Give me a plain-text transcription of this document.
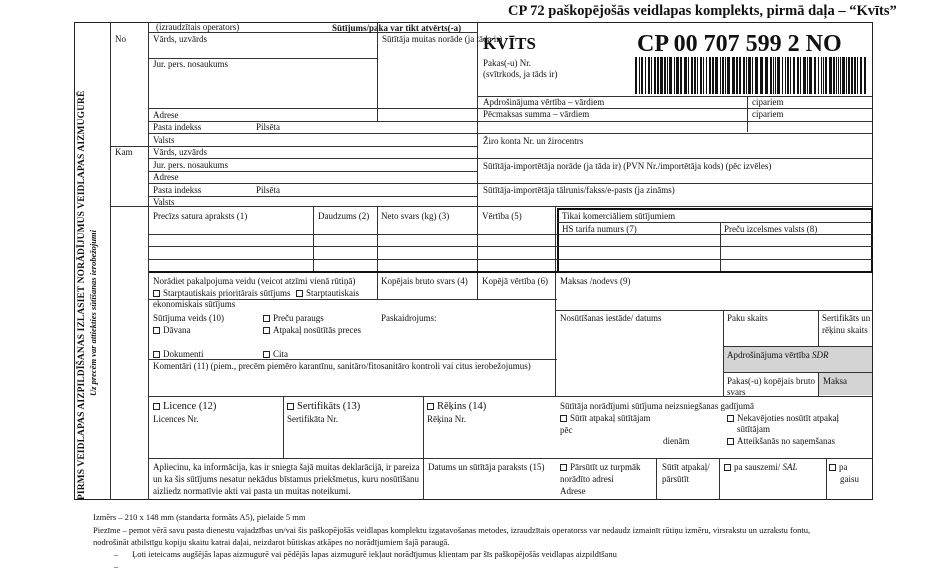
CP 72 paškopējošās veidlapas komplekts, pirmā daļa – “Kvīts”
PIRMS VEIDLAPAS AIZPILDĪŠANAS IZLASIET NORĀDĪJUMUS VEIDLAPAS AIZMUGURĒ Uz precēm var attiekties sūtīšanas ierobežojumi
(izraudzītais operators)	Sūtījums/paka var tikt atvērts(-a)
No	Vārds, uzvārds	Sūtītāja muitas norāde (ja tāda ir)
Jur. pers. nosaukums
Adrese
Pasta indekss	Pilsēta
Valsts
Kam Vārds, uzvārds
Jur. pers. nosaukums
Adrese
Pasta indekss	Pilsēta
Valsts
KVĪTS	CP 00 707 599 2 NO
Pakas(-u) Nr.
(svītrkods, ja tāds ir)
Apdrošinājuma vērtība – vārdiem	cipariem
Pēcmaksas summa – vārdiem	cipariem
Žiro konta Nr. un žirocentrs
Sūtītāja-importētāja norāde (ja tāda ir) (PVN Nr./importētāja kods) (pēc izvēles)
Sūtītāja-importētāja tālrunis/fakss/e-pasts (ja zināms)
Precīzs satura apraksts (1)	Daudzums (2) Neto svars (kg) (3)	Vērtība (5)	Tikai komerciāliem sūtījumiem
HS tarifa numurs (7)	Preču izcelsmes valsts (8)
Norādiet pakalpojuma veidu (veicot atzīmi vienā rūtiņā)
Starptautiskais prioritārais sūtījums	Starptautiskais
ekonomiskais sūtījums
Kopējais bruto svars (4) Kopējā vērtība (6) Maksas /nodevs (9)
Sūtījuma veids (10)
Dāvana
Dokumenti
Preču paraugs
Atpakaļ nosūtītās preces
Cita
Paskaidrojums:	Nosūtīšanas iestāde/ datums	Paku skaits	Sertifikāts un rēķinu skaits
Apdrošinājuma vērtība SDR
Pakas(-u) kopējais bruto svars
Maksa
Komentāri (11) (piem., precēm piemēro karantīnu, sanitāro/fitosanitāro kontroli vai citus ierobežojumus)
Licence (12)
Licences Nr.
Sertifikāts (13)
Sertifikāta Nr.
Rēķins (14)
Rēķina Nr.
Sūtītāja norādījumi sūtījuma neizsniegšanas gadījumā
Sūtīt atpakaļ sūtītājam
pēc
dienām
Nekavējoties nosūtīt atpakaļ
sūtītājam
Atteikšanās no saņemšanas
Pārsūtīt uz turpmāk
norādīto adresi
Adrese
Sūtīt atpakaļ/
pārsūtīt
pa sauszemi/ SAL	pa
gaisu
Apliecinu, ka informācija, kas ir sniegta šajā muitas deklarācijā, ir pareiza
un ka šis sūtījums nesatur nekādus bīstamus priekšmetus, kuru nosūtīšanu
aizliedz normatīvie akti vai pasta un muitas noteikumi.
Datums un sūtītāja paraksts (15)
Izmērs – 210 x 148 mm (standarta formāts A5), pielaide 5 mm
Piezīme – pemot vērā savu pasta dienestu vajadzības un/vai šis paškopējošās veidlapas komplektu izgatavošanas metodes, izraudzītais operatorss var nedaudz izmainīt rūtiņu izmēru, virsrakstu un uzrakstu fontu,
nodrošināt atbilstīgu kopiju skaitu katrai daļai, neizdarot būtiskas atkāpes no norādījumiem šajā paraugā.
– Ļoti ieteicams augšējās lapas aizmugurē vai pēdējās lapas aizmugurē iekļaut norādījumus klientam par šīs paškopējošās veidlapas aizpildīšanu
–
